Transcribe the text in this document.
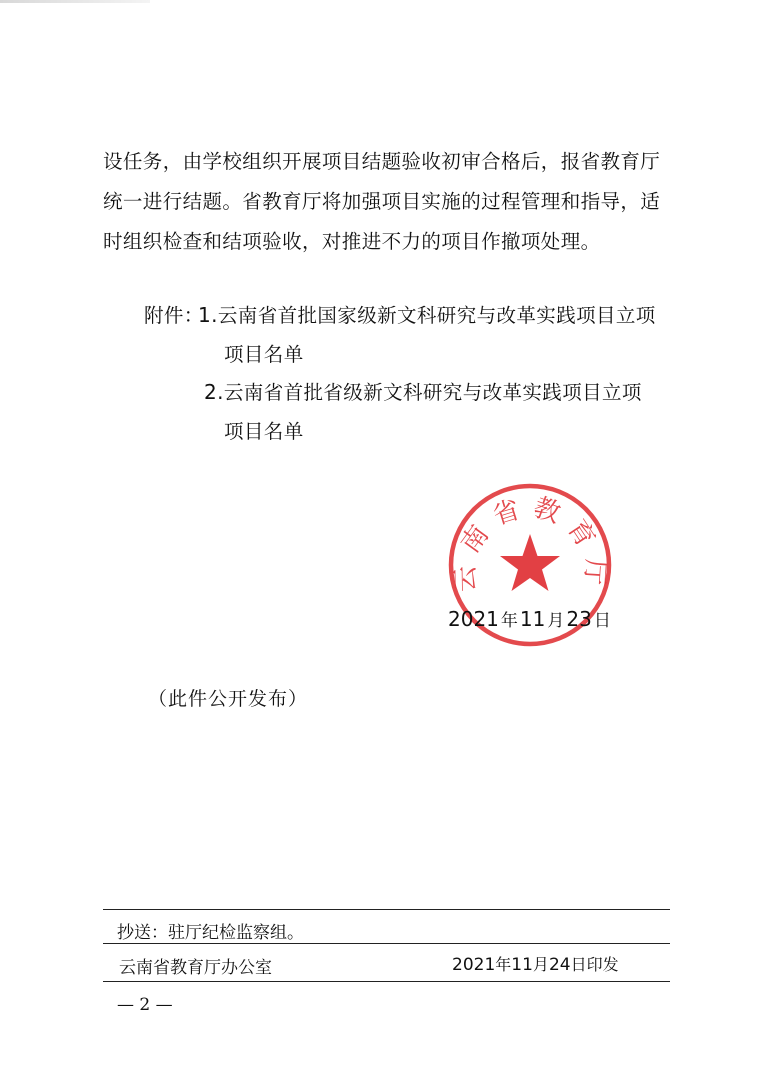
设任务，由学校组织开展项目结题验收初审合格后，报省教育厅
统一进行结题。省教育厅将加强项目实施的过程管理和指导，适
时组织检查和结项验收，对推进不力的项目作撤项处理。
附件：
1.云南省首批国家级新文科研究与改革实践项目立项
项目名单
2.云南省首批省级新文科研究与改革实践项目立项
项目名单
云南省教育厅
2021 年 11 月 23 日
（此件公开发布）
抄送：驻厅纪检监察组。
云南省教育厅办公室	2021年11月24日印发
— 2 —
